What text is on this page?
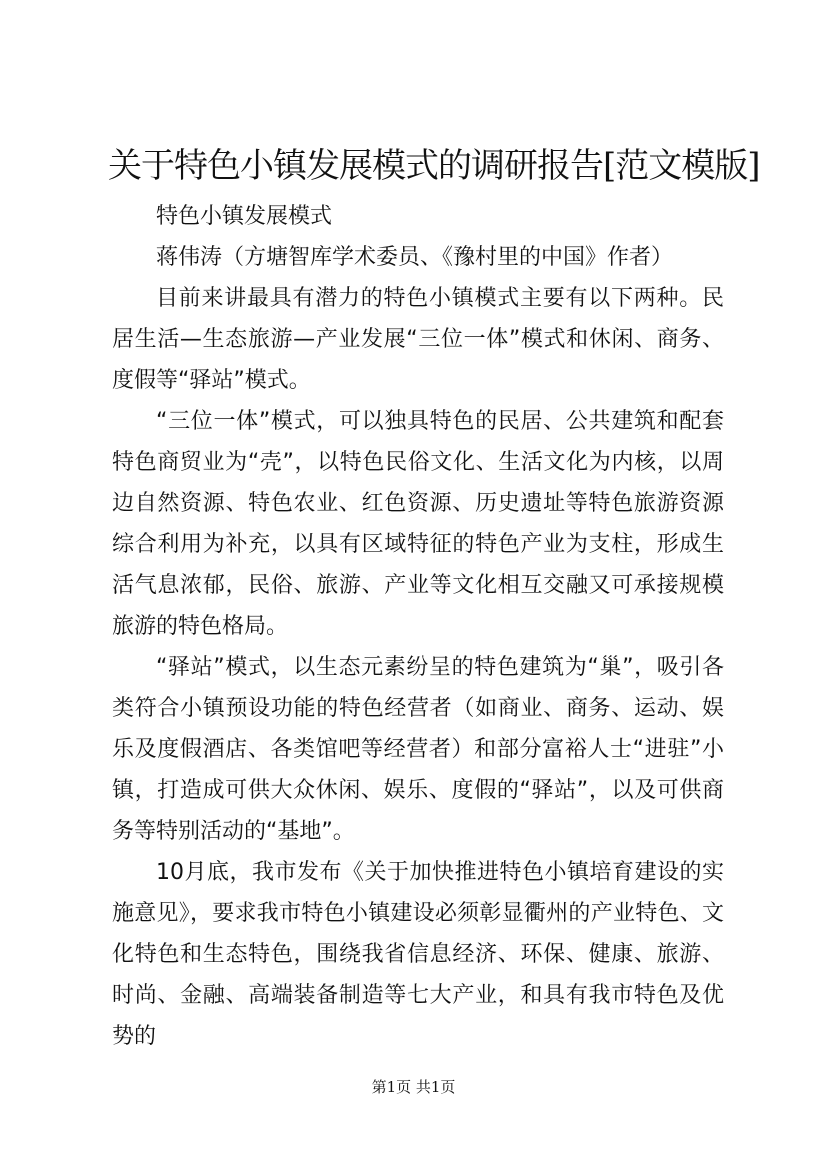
关于特色小镇发展模式的调研报告[范文模版]

特色小镇发展模式

蒋伟涛（方塘智库学术委员、《豫村里的中国》作者）

目前来讲最具有潜力的特色小镇模式主要有以下两种。民居生活—生态旅游—产业发展“三位一体”模式和休闲、商务、度假等“驿站”模式。

“三位一体”模式，可以独具特色的民居、公共建筑和配套特色商贸业为“壳”，以特色民俗文化、生活文化为内核，以周边自然资源、特色农业、红色资源、历史遗址等特色旅游资源综合利用为补充，以具有区域特征的特色产业为支柱，形成生活气息浓郁，民俗、旅游、产业等文化相互交融又可承接规模旅游的特色格局。

“驿站”模式，以生态元素纷呈的特色建筑为“巢”，吸引各类符合小镇预设功能的特色经营者（如商业、商务、运动、娱乐及度假酒店、各类馆吧等经营者）和部分富裕人士“进驻”小镇，打造成可供大众休闲、娱乐、度假的“驿站”，以及可供商务等特别活动的“基地”。

10月底，我市发布《关于加快推进特色小镇培育建设的实施意见》，要求我市特色小镇建设必须彰显衢州的产业特色、文化特色和生态特色，围绕我省信息经济、环保、健康、旅游、时尚、金融、高端装备制造等七大产业，和具有我市特色及优势的

第1页 共1页
